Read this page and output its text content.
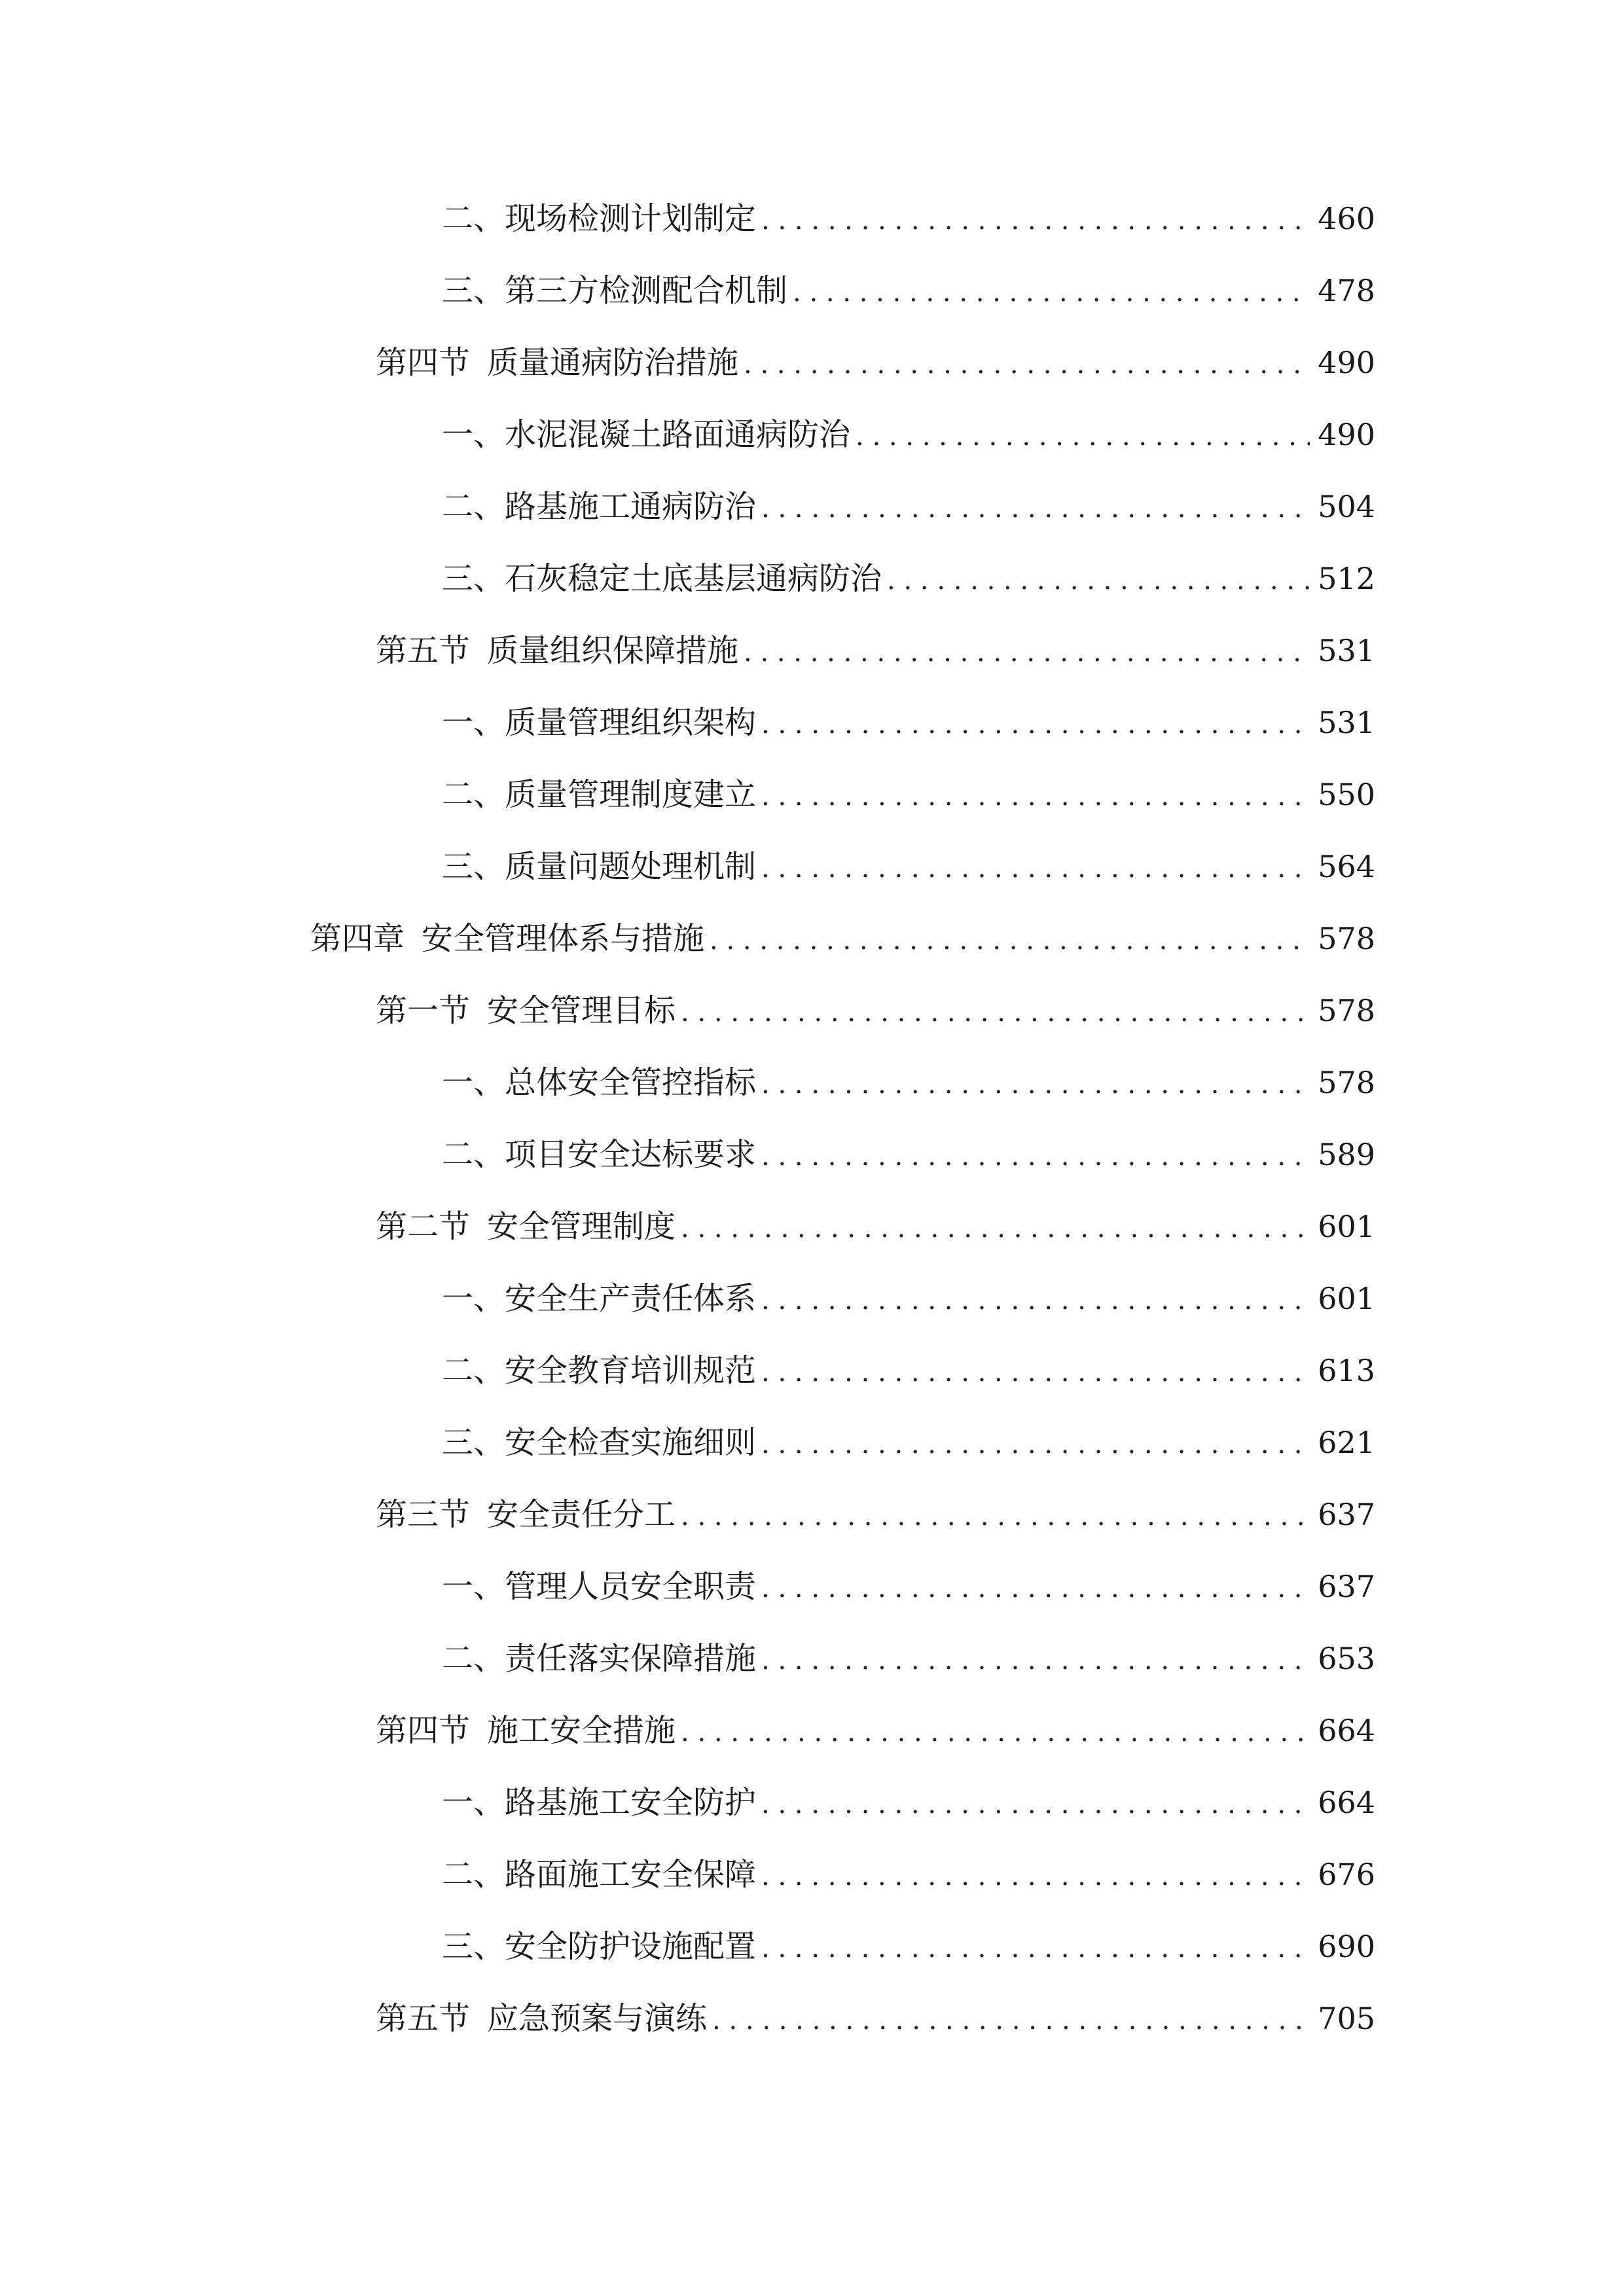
二、 现场检测计划制定 . . .	460
三、 第三方检测配合机制 . . .	478
第四节 质量通病防治措施 . . .	490
一、 水泥混凝土路面通病防治 . . .	490
二、 路基施工通病防治 . . .	504
三、 石灰稳定土底基层通病防治 . . .	512
第五节 质量组织保障措施 . . .	531
一、 质量管理组织架构 . . .	531
二、 质量管理制度建立 . . .	550
三、 质量问题处理机制 . . .	564
第四章 安全管理体系与措施 . . .	578
第一节 安全管理目标 . . .	578
一、 总体安全管控指标 . . .	578
二、 项目安全达标要求 . . .	589
第二节 安全管理制度 . . .	601
一、 安全生产责任体系 . . .	601
二、 安全教育培训规范 . . .	613
三、 安全检查实施细则 . . .	621
第三节 安全责任分工 . . .	637
一、 管理人员安全职责 . . .	637
二、 责任落实保障措施 . . .	653
第四节 施工安全措施 . . .	664
一、 路基施工安全防护 . . .	664
二、 路面施工安全保障 . . .	676
三、 安全防护设施配置 . . .	690
第五节 应急预案与演练 . . .	705
